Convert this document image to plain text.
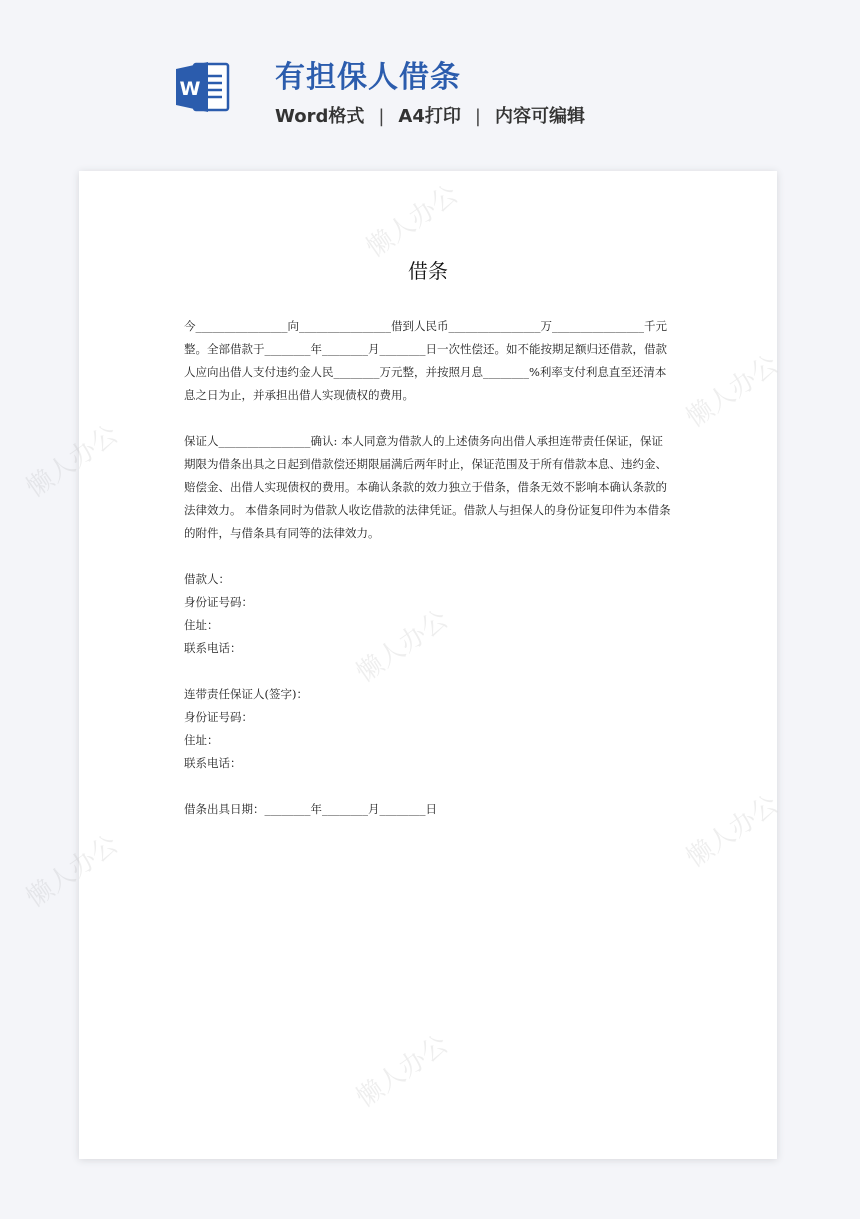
W 有担保人借条
Word格式 | A4打印 | 内容可编辑
懒人办公
懒人办公
懒人办公
懒人办公
懒人办公
懒人办公
懒人办公
借条

今________________向________________借到人民币________________万________________千元整。全部借款于________年________月________日一次性偿还。如不能按期足额归还借款，借款人应向出借人支付违约金人民________万元整，并按照月息________%利率支付利息直至还清本息之日为止，并承担出借人实现债权的费用。

保证人________________确认: 本人同意为借款人的上述债务向出借人承担连带责任保证，保证期限为借条出具之日起到借款偿还期限届满后两年时止，保证范围及于所有借款本息、违约金、赔偿金、出借人实现债权的费用。本确认条款的效力独立于借条，借条无效不影响本确认条款的法律效力。 本借条同时为借款人收讫借款的法律凭证。借款人与担保人的身份证复印件为本借条的附件，与借条具有同等的法律效力。

借款人：
身份证号码：
住址：
联系电话：
连带责任保证人(签字)：
身份证号码：
住址：
联系电话：
借条出具日期：________年________月________日
